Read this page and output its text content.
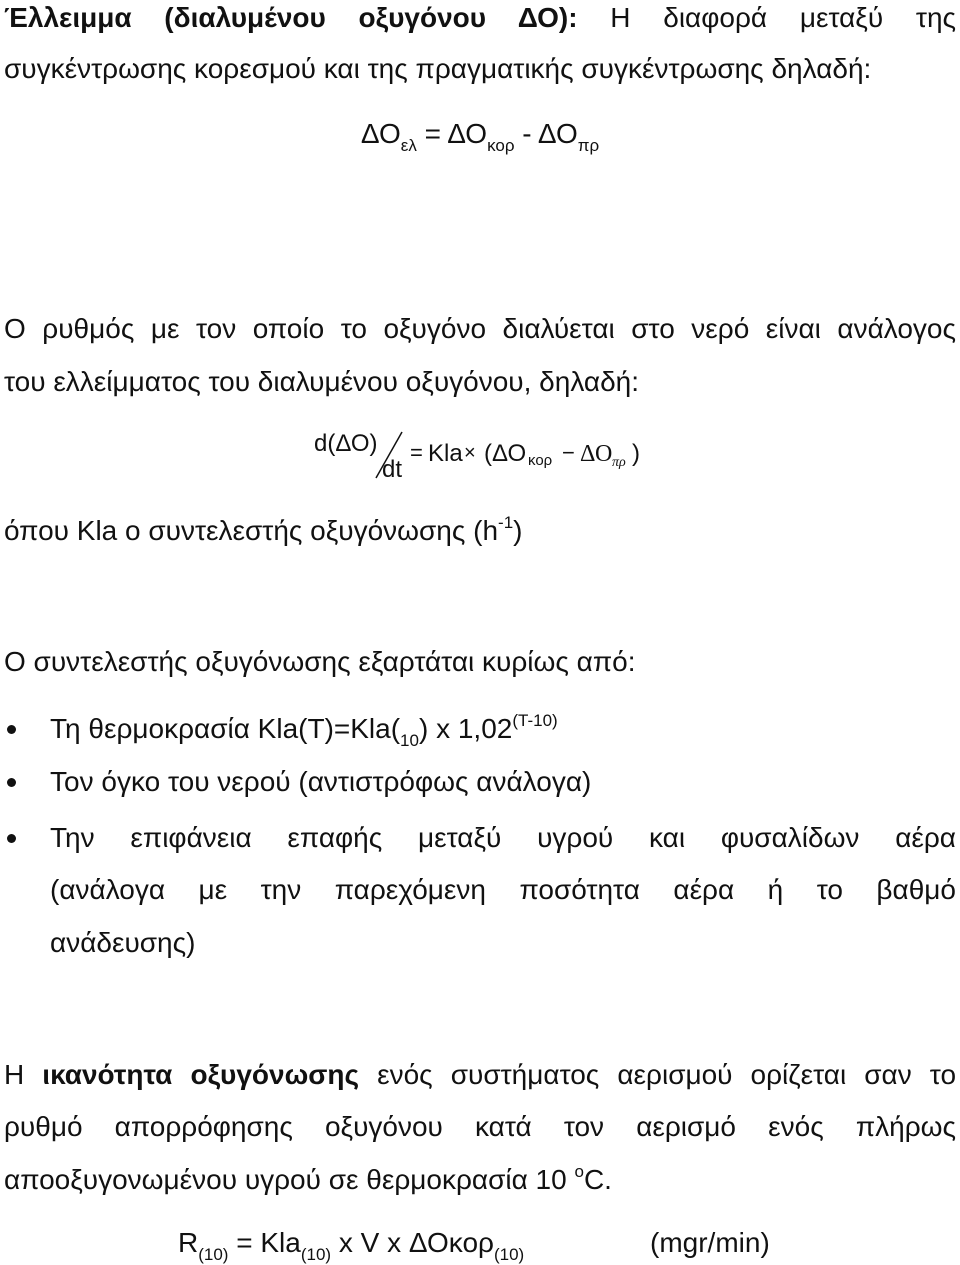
Έλλειμμα (διαλυμένου οξυγόνου ΔΟ): Η διαφορά μεταξύ της
συγκέντρωσης κορεσμού και της πραγματικής συγκέντρωσης δηλαδή:
$\Delta O_{\varepsilon\lambda} = \Delta O_{\kappa o\rho} - \Delta O_{\pi\rho}$
Ο ρυθμός με τον οποίο το οξυγόνο διαλύεται στο νερό είναι ανάλογος
του ελλείμματος του διαλυμένου οξυγόνου, δηλαδή:
d(ΔΟ)
dt
= Kla × (ΔΟ κορ − ΔΟ πρ )
όπου Kla ο συντελεστής οξυγόνωσης $(h^{-1})$
Ο συντελεστής οξυγόνωσης εξαρτάται κυρίως από:
Τη θερμοκρασία $Kla(T)=Kla(_{10})$ x $1,02^{(T-10)}$
Τον όγκο του νερού (αντιστρόφως ανάλογα)
Την επιφάνεια επαφής μεταξύ υγρού και φυσαλίδων αέρα
(ανάλογα με την παρεχόμενη ποσότητα αέρα ή το βαθμό
ανάδευσης)
Η ικανότητα οξυγόνωσης ενός συστήματος αερισμού ορίζεται σαν το
ρυθμό απορρόφησης οξυγόνου κατά τον αερισμό ενός πλήρως
αποοξυγονωμένου υγρού σε θερμοκρασία 10 $^o$C.
$R_{(10)} = Kla_{(10)}$ x V x ΔΟκορ$_{(10)}$	(mgr/min)
